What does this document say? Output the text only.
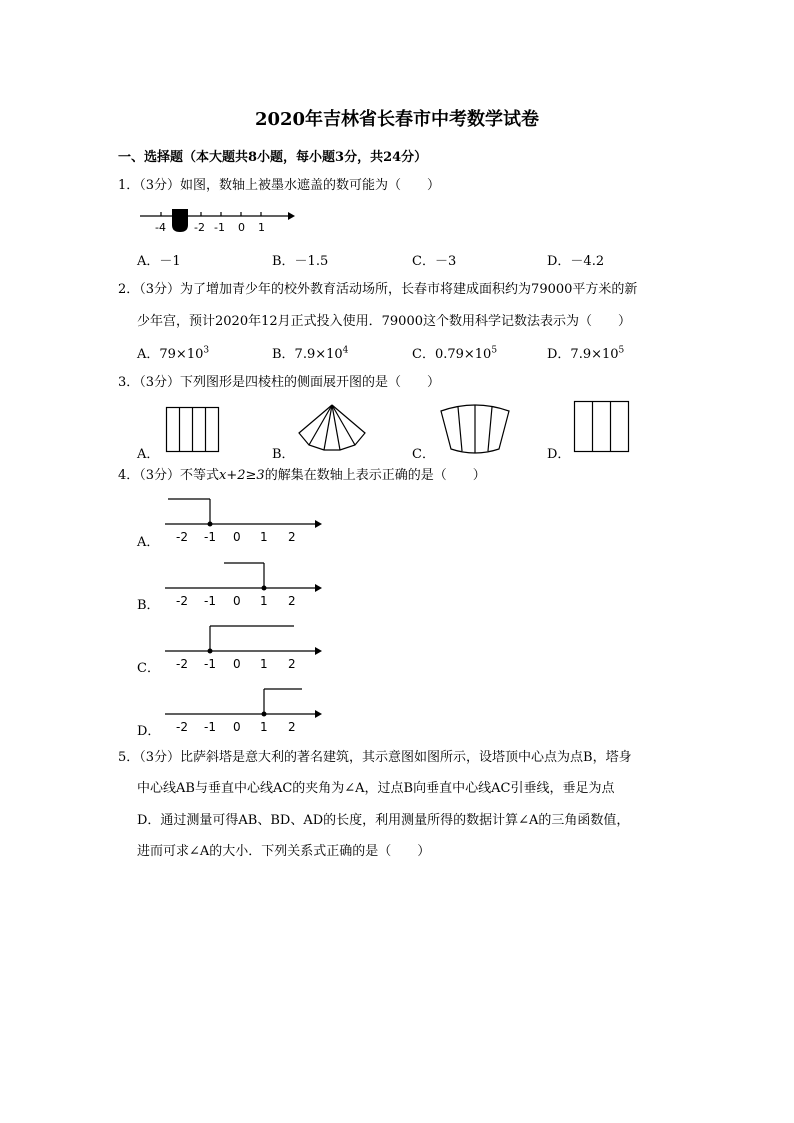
2020年吉林省长春市中考数学试卷
一、选择题（本大题共8小题，每小题3分，共24分）
1．（3分）如图，数轴上被墨水遮盖的数可能为（　　）
-4	-2 -1 0 1
A．－1	B．－1.5	C．－3	D．－4.2
2．（3分）为了增加青少年的校外教育活动场所，长春市将建成面积约为79000平方米的新
少年宫，预计2020年12月正式投入使用．79000这个数用科学记数法表示为（　　）
A．$79\times 10^3$	B．$7.9\times 10^4$	C．$0.79\times 10^5$	D．$7.9\times 10^5$
3．（3分）下列图形是四棱柱的侧面展开图的是（　　）
A．	B．	C．	D．
4．（3分）不等式x+2≥3的解集在数轴上表示正确的是（　　）
A． -2 -1 0 1 2
B． -2 -1 0 1 2
C． -2 -1 0 1 2
D． -2 -1 0 1 2
5．（3分）比萨斜塔是意大利的著名建筑，其示意图如图所示，设塔顶中心点为点B，塔身
中心线AB与垂直中心线AC的夹角为∠A，过点B向垂直中心线AC引垂线，垂足为点
D．通过测量可得AB、BD、AD的长度，利用测量所得的数据计算∠A的三角函数值，
进而可求∠A的大小．下列关系式正确的是（　　）
